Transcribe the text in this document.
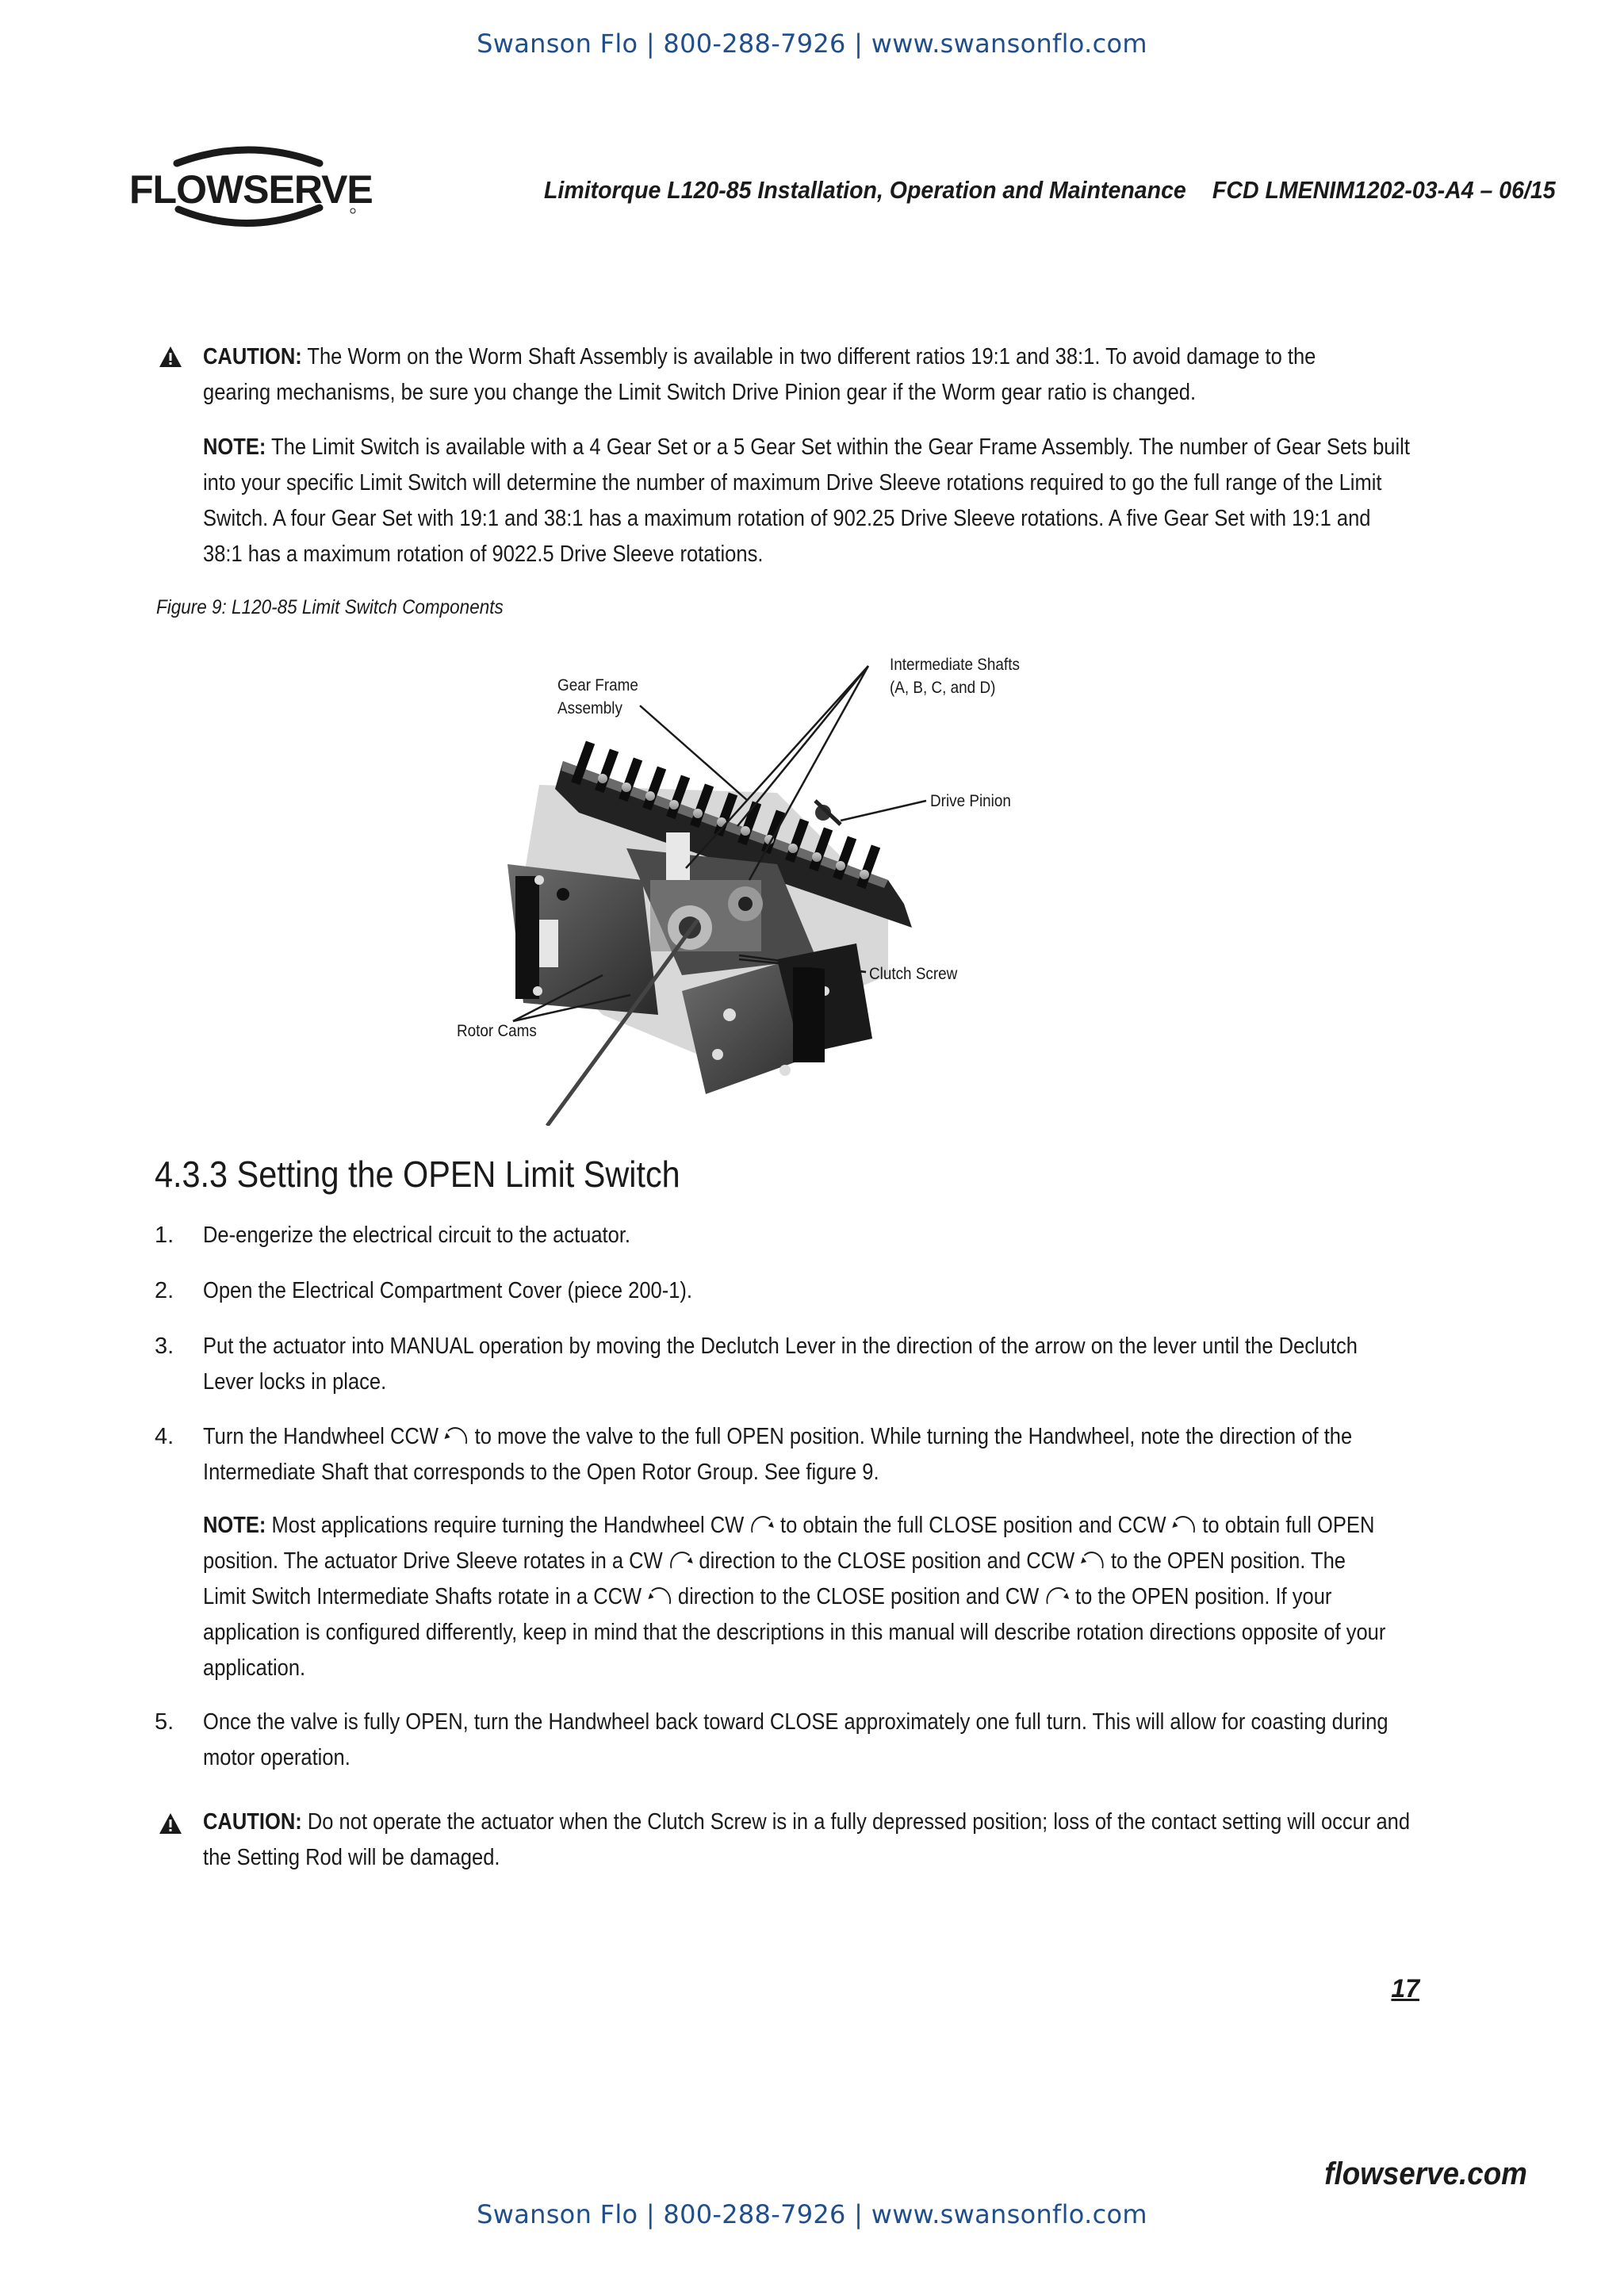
Swanson Flo | 800-288-7926 | www.swansonflo.com
FLOWSERVE	Limitorque L120-85 Installation, Operation and Maintenance FCD LMENIM1202-03-A4 – 06/15
CAUTION: The Worm on the Worm Shaft Assembly is available in two different ratios 19:1 and 38:1. To avoid damage to the
gearing mechanisms, be sure you change the Limit Switch Drive Pinion gear if the Worm gear ratio is changed.
NOTE: The Limit Switch is available with a 4 Gear Set or a 5 Gear Set within the Gear Frame Assembly. The number of Gear Sets built
into your specific Limit Switch will determine the number of maximum Drive Sleeve rotations required to go the full range of the Limit
Switch. A four Gear Set with 19:1 and 38:1 has a maximum rotation of 902.25 Drive Sleeve rotations. A five Gear Set with 19:1 and
38:1 has a maximum rotation of 9022.5 Drive Sleeve rotations.
Figure 9: L120-85 Limit Switch Components
Gear Frame
Assembly
Intermediate Shafts
(A, B, C, and D)
Drive Pinion
Clutch Screw
Rotor Cams
4.3.3 Setting the OPEN Limit Switch
1. De-engerize the electrical circuit to the actuator.
2. Open the Electrical Compartment Cover (piece 200-1).
3. Put the actuator into MANUAL operation by moving the Declutch Lever in the direction of the arrow on the lever until the Declutch
Lever locks in place.
4. Turn the Handwheel CCW to move the valve to the full OPEN position. While turning the Handwheel, note the direction of the
Intermediate Shaft that corresponds to the Open Rotor Group. See figure 9.
NOTE: Most applications require turning the Handwheel CW to obtain the full CLOSE position and CCW to obtain full OPEN
position. The actuator Drive Sleeve rotates in a CW direction to the CLOSE position and CCW to the OPEN position. The
Limit Switch Intermediate Shafts rotate in a CCW direction to the CLOSE position and CW to the OPEN position. If your
application is configured differently, keep in mind that the descriptions in this manual will describe rotation directions opposite of your
application.
5. Once the valve is fully OPEN, turn the Handwheel back toward CLOSE approximately one full turn. This will allow for coasting during
motor operation.
CAUTION: Do not operate the actuator when the Clutch Screw is in a fully depressed position; loss of the contact setting will occur and
the Setting Rod will be damaged.
17
flowserve.com
Swanson Flo | 800-288-7926 | www.swansonflo.com
